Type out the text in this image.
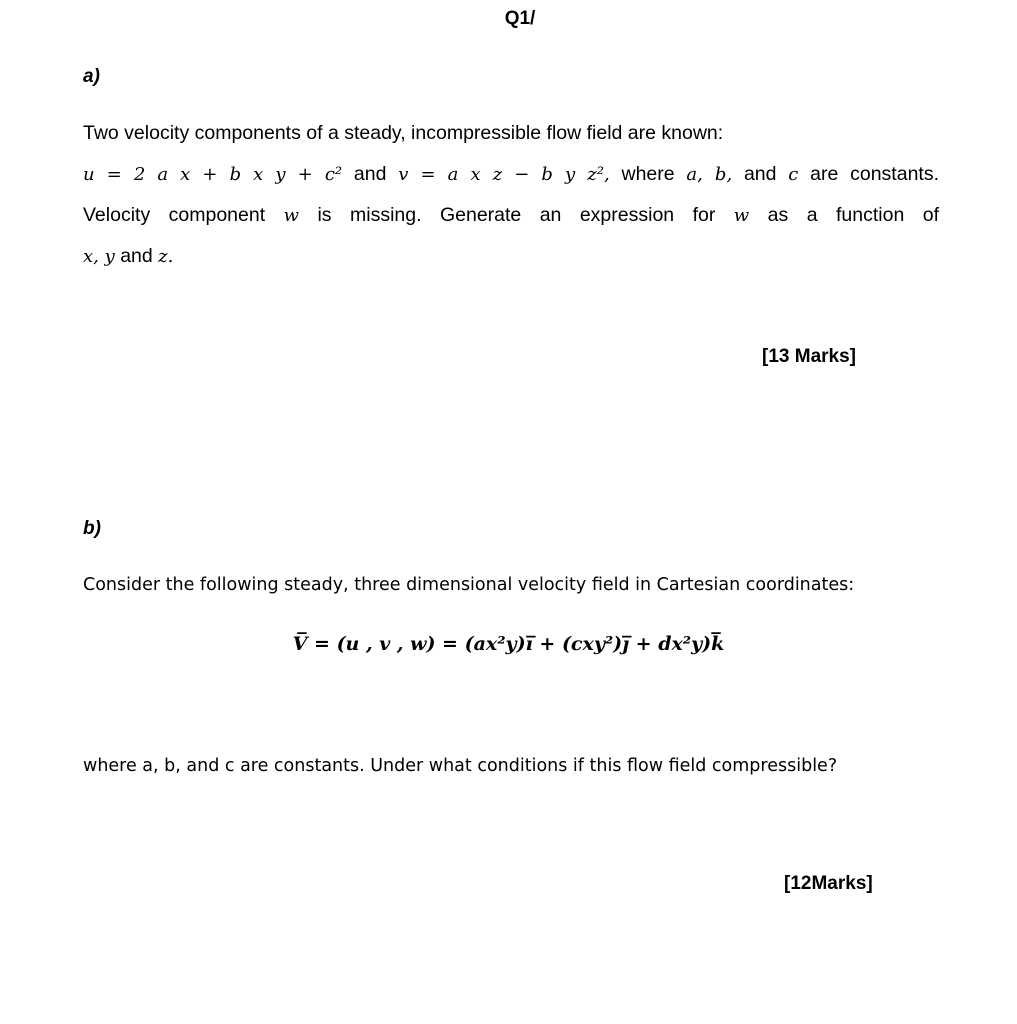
Q1/
a)

Two velocity components of a steady, incompressible flow field are known:

u = 2 a x + b x y + c² and v = a x z − b y z², where a, b, and c are constants.

Velocity component w is missing. Generate an expression for w as a function of

x, y and z.

[13 Marks]
b)
Consider the following steady, three dimensional velocity field in Cartesian coordinates:
V̅ = (u , v , w) = (ax²y)ı̅ + (cxy²)ȷ̅ + dx²y)k̅
where a, b, and c are constants. Under what conditions if this flow field compressible?
[12Marks]
